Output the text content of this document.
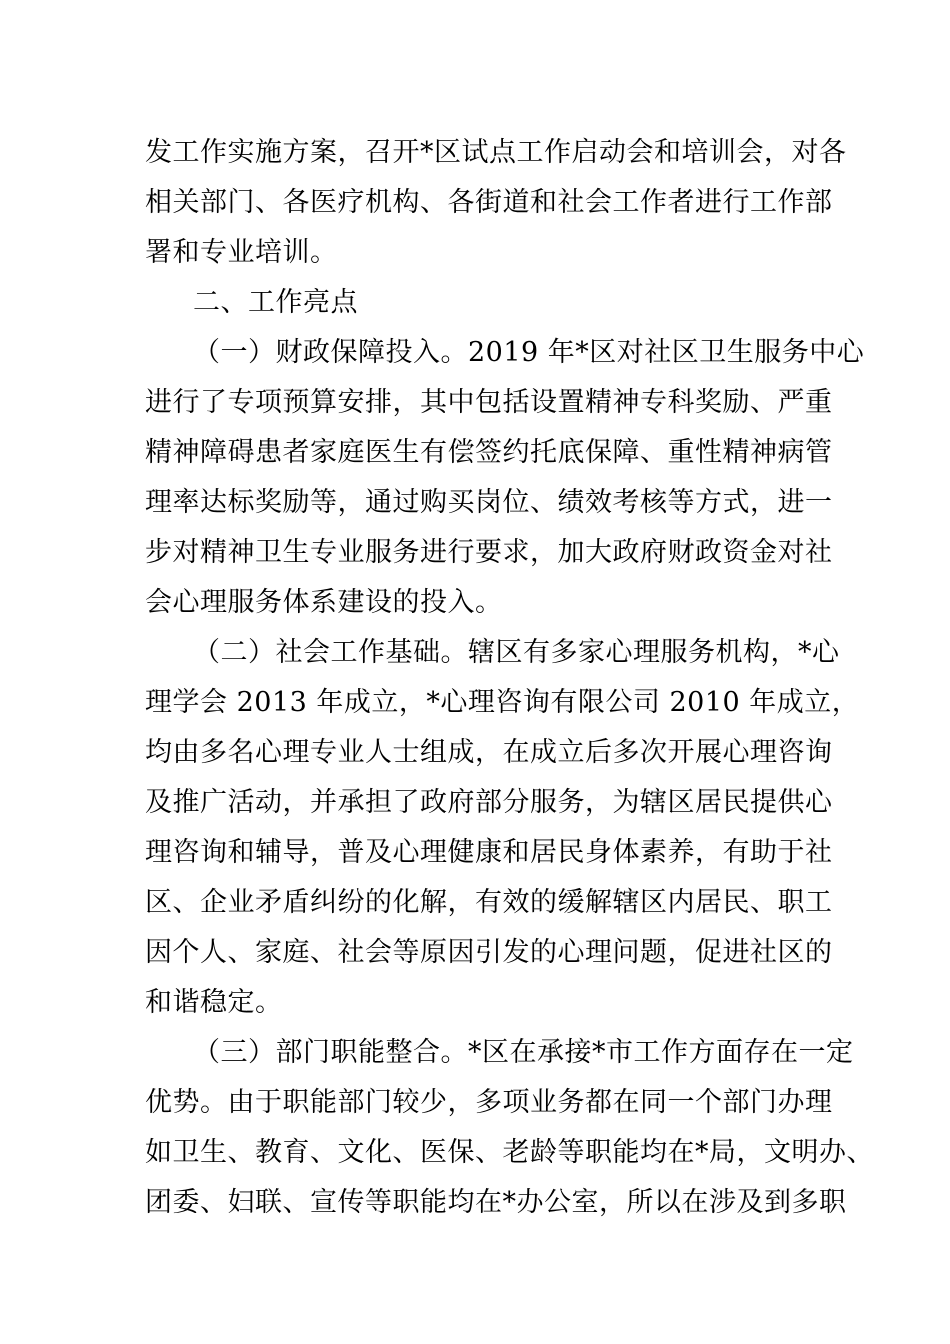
发工作实施方案，召开*区试点工作启动会和培训会，对各
相关部门、各医疗机构、各街道和社会工作者进行工作部
署和专业培训。
二、工作亮点
（一）财政保障投入。2019 年*区对社区卫生服务中心
进行了专项预算安排，其中包括设置精神专科奖励、严重
精神障碍患者家庭医生有偿签约托底保障、重性精神病管
理率达标奖励等，通过购买岗位、绩效考核等方式，进一
步对精神卫生专业服务进行要求，加大政府财政资金对社
会心理服务体系建设的投入。
（二）社会工作基础。辖区有多家心理服务机构，*心
理学会 2013 年成立，*心理咨询有限公司 2010 年成立，
均由多名心理专业人士组成，在成立后多次开展心理咨询
及推广活动，并承担了政府部分服务，为辖区居民提供心
理咨询和辅导，普及心理健康和居民身体素养，有助于社
区、企业矛盾纠纷的化解，有效的缓解辖区内居民、职工
因个人、家庭、社会等原因引发的心理问题，促进社区的
和谐稳定。
（三）部门职能整合。*区在承接*市工作方面存在一定
优势。由于职能部门较少，多项业务都在同一个部门办理
如卫生、教育、文化、医保、老龄等职能均在*局，文明办、
团委、妇联、宣传等职能均在*办公室，所以在涉及到多职
